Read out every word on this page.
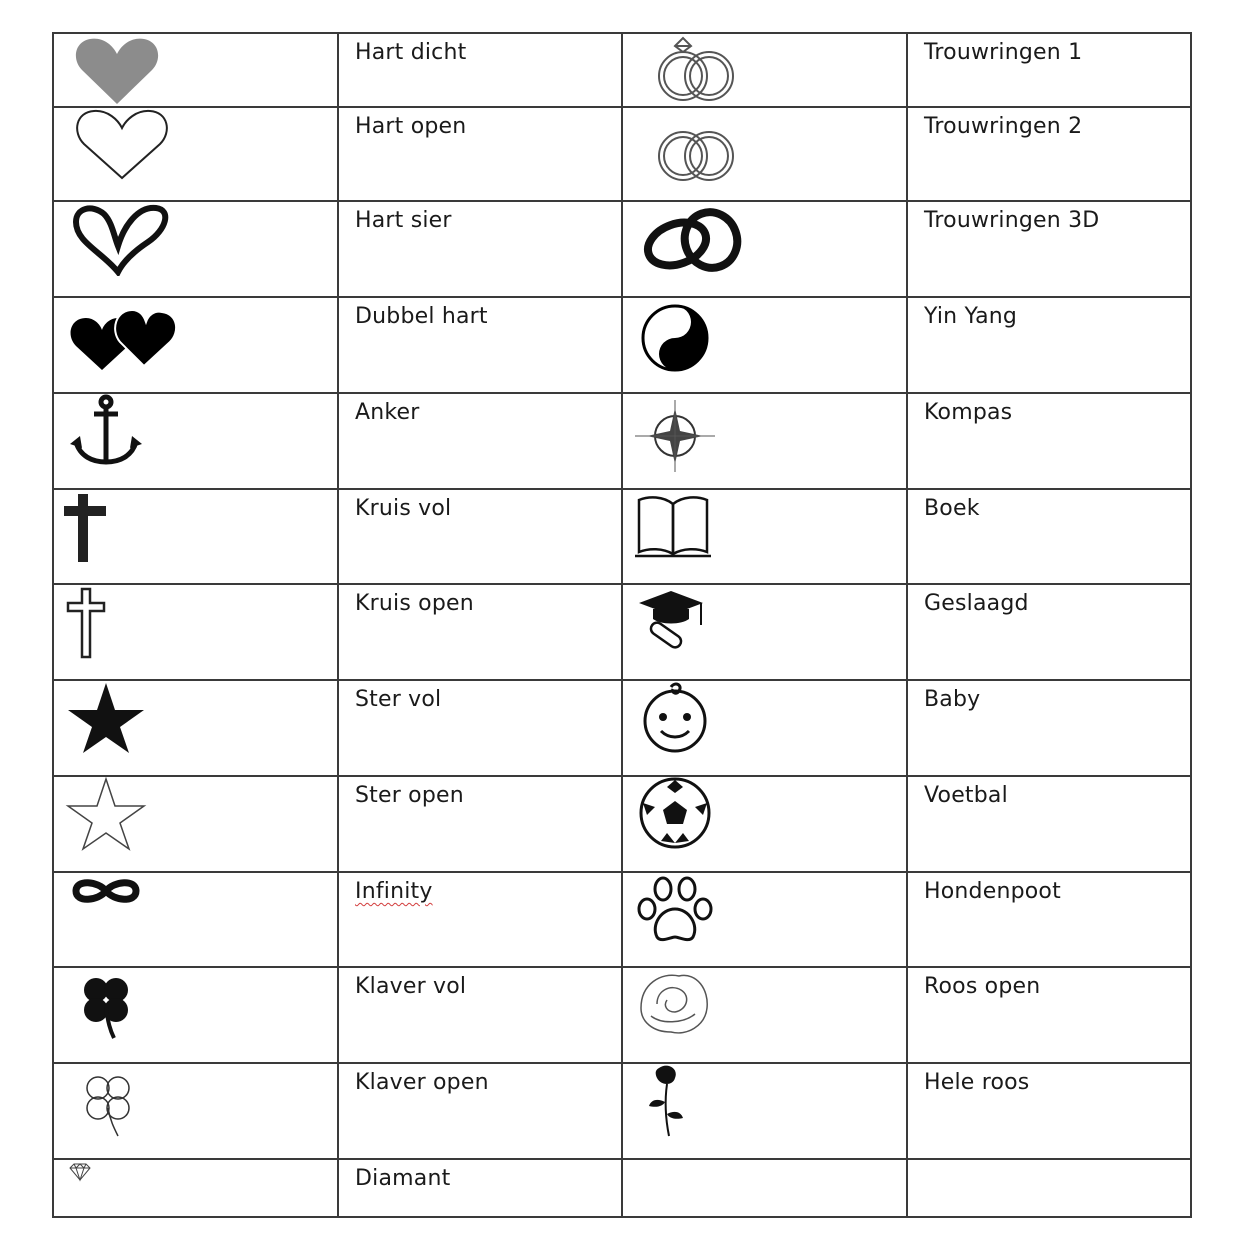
Hart dicht		Trouwringen 1

Hart open		Trouwringen 2

Hart sier		Trouwringen 3D

Dubbel hart		Yin Yang

Anker		Kompas

Kruis vol		Boek

Kruis open		Geslaagd

Ster vol		Baby

Ster open		Voetbal

Infinity		Hondenpoot

Klaver vol		Roos open

Klaver open		Hele roos

Diamant		
